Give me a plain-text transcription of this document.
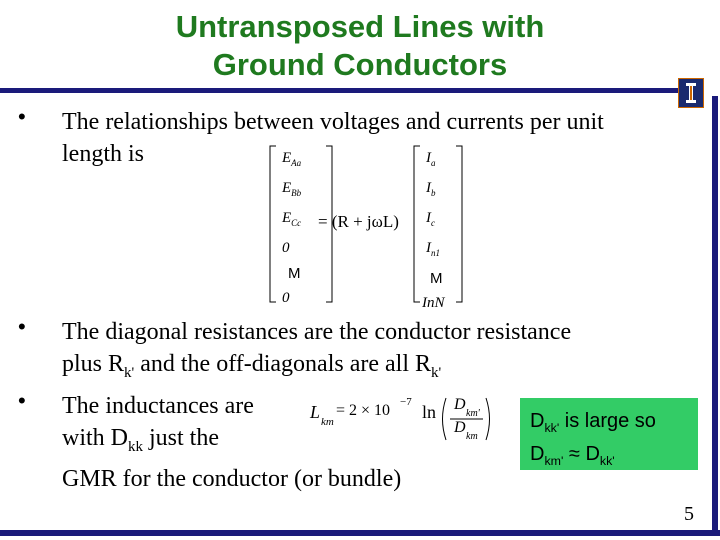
Untransposed Lines with
Ground Conductors
• The relationships between voltages and currents per unit
length is	$E_{Aa}$
$E_{Bb}$
$E_{Cc}$
0
M
0
= (R + jωL)
$I_a$
$I_b$
$I_c$
$I_{n1}$
M
InN
• The diagonal resistances are the conductor resistance
plus $R_{k'}$ and the off-diagonals are all $R_{k'}$
• The inductances are
with $D_{kk}$ just the
GMR for the conductor (or bundle)
L km
= 2 × 10 −7 ln D
km'
D
km
$D_{kk'}$ is large so
$D_{km'} \approx D_{kk'}$
5
